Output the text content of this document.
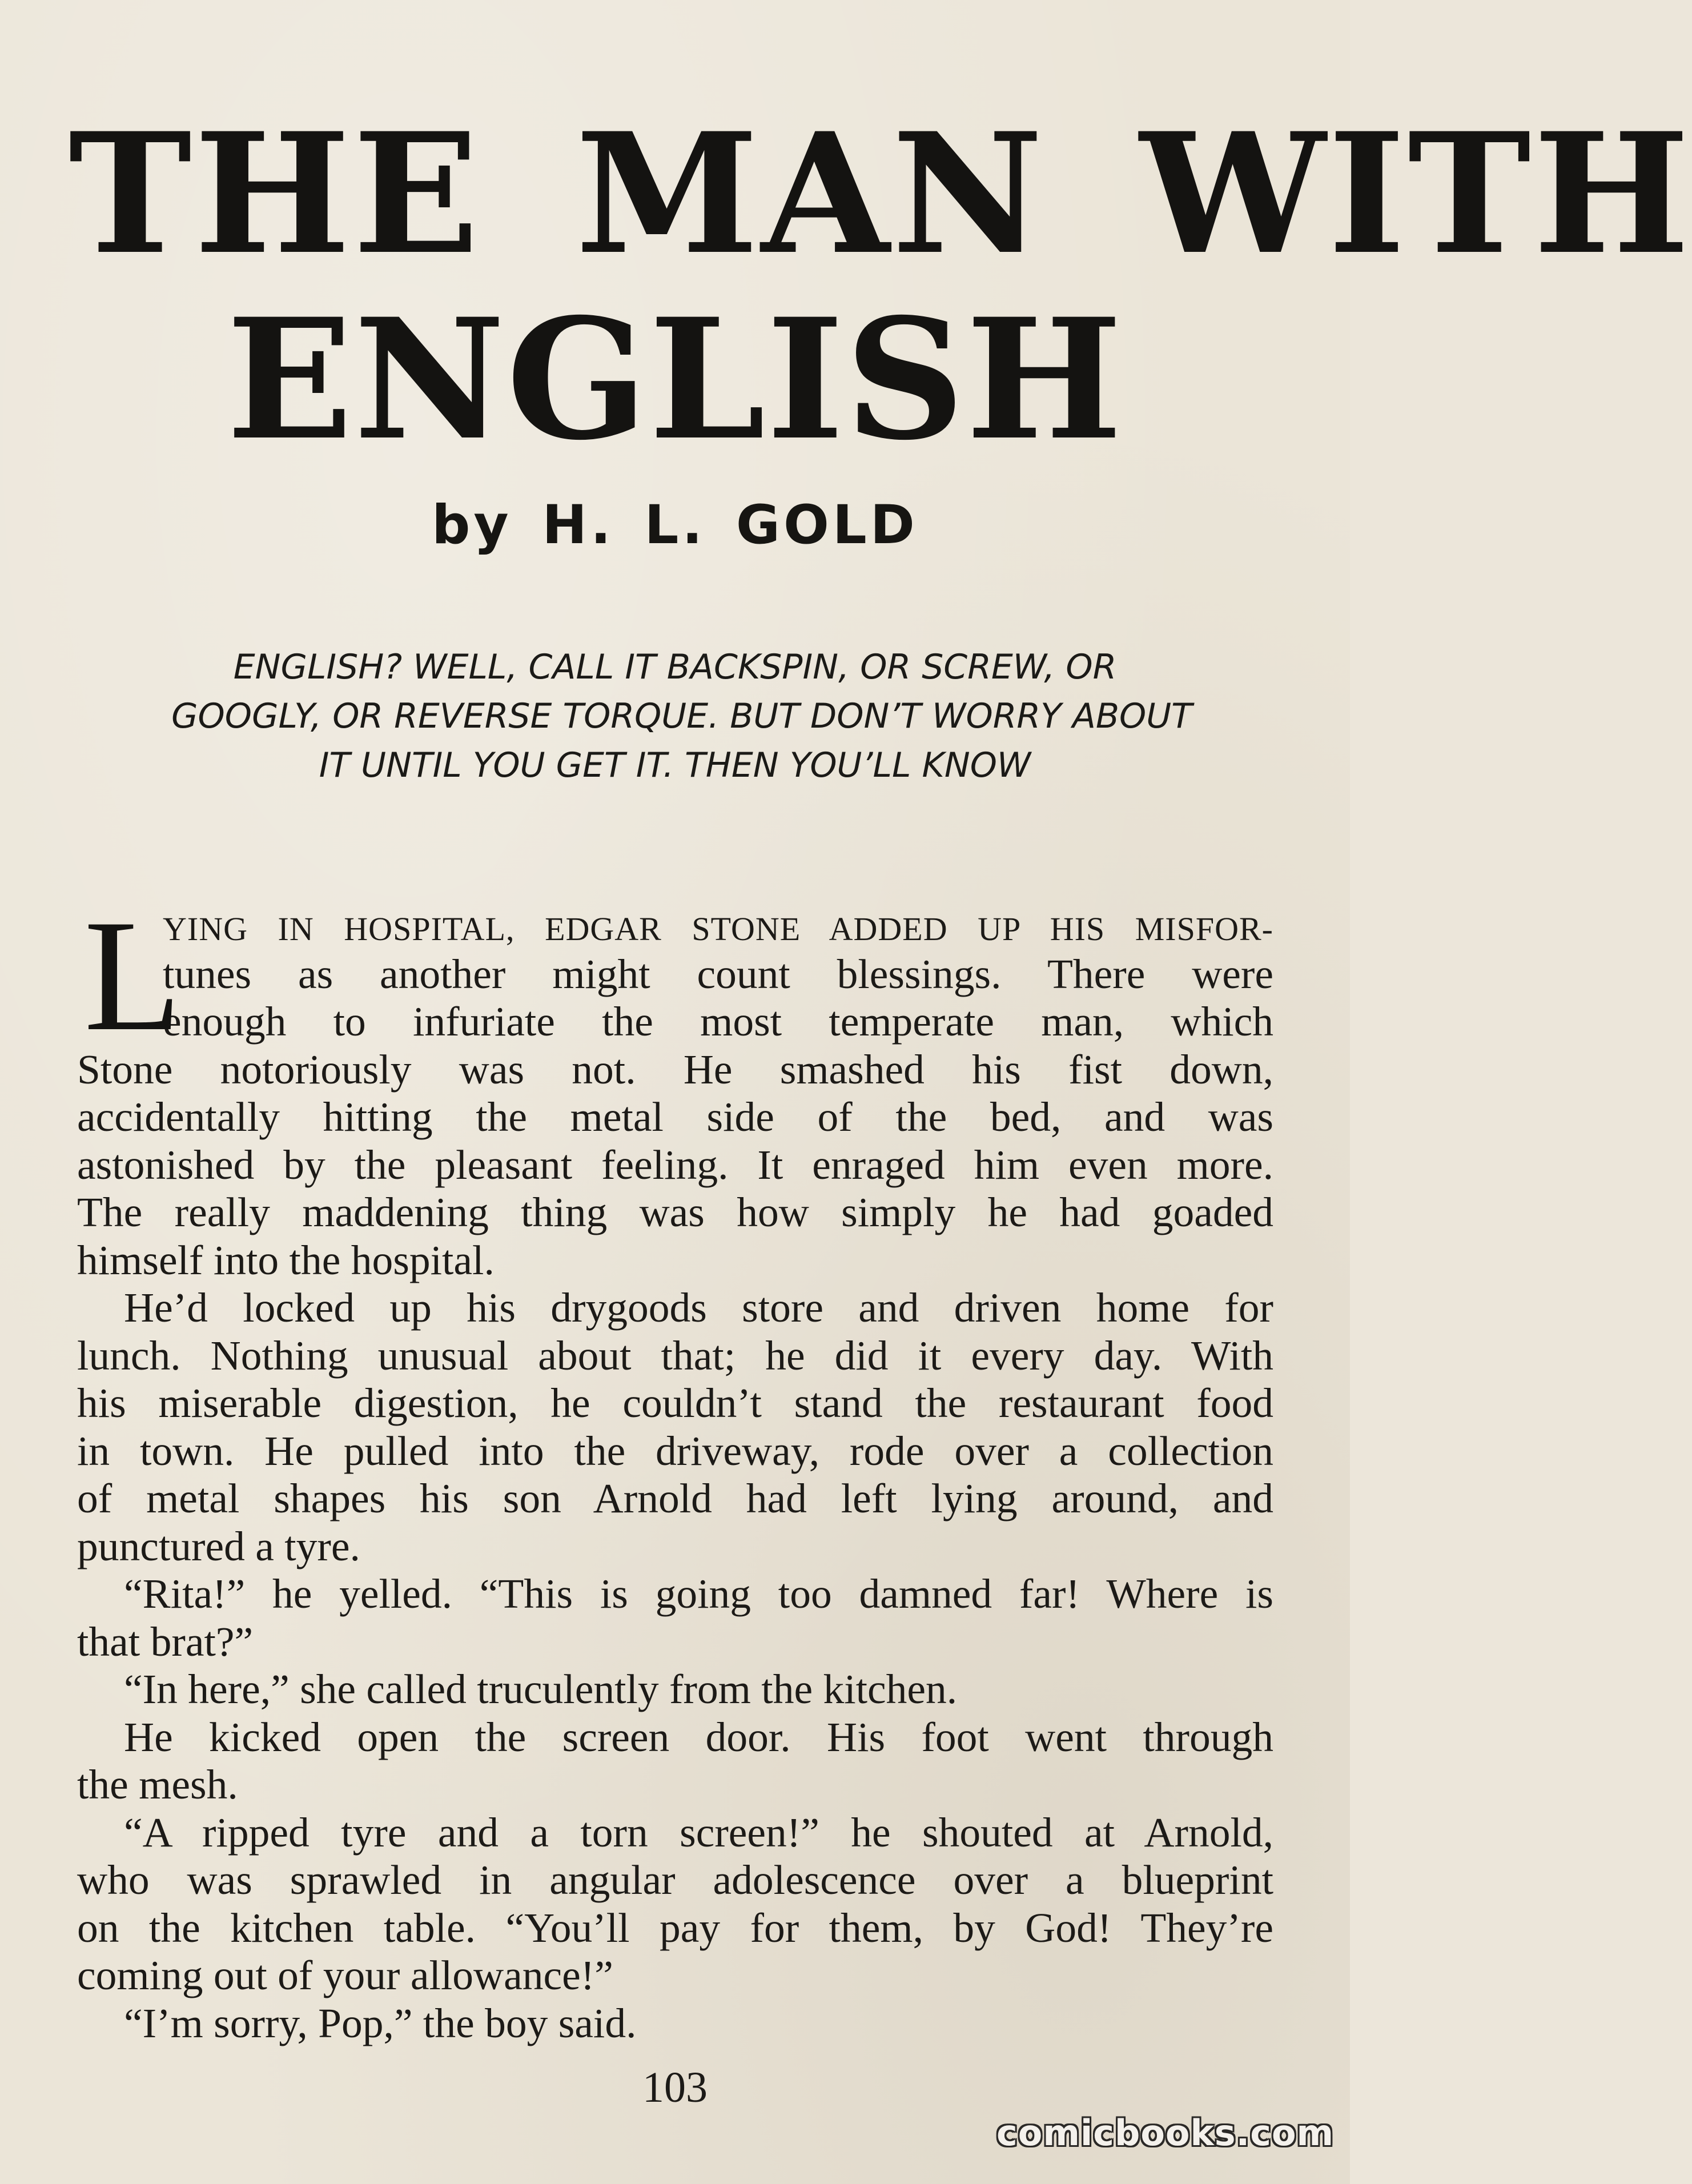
THE MAN WITH
ENGLISH
by H. L. GOLD
ENGLISH? WELL, CALL IT BACKSPIN, OR SCREW, OR
GOOGLY, OR REVERSE TORQUE. BUT DON’T WORRY ABOUT
IT UNTIL YOU GET IT. THEN YOU’LL KNOW
L
YING IN HOSPITAL, EDGAR STONE ADDED UP HIS MISFOR-
tunes as another might count blessings. There were
enough to infuriate the most temperate man, which
Stone notoriously was not. He smashed his fist down,
accidentally hitting the metal side of the bed, and was
astonished by the pleasant feeling. It enraged him even more.
The really maddening thing was how simply he had goaded
himself into the hospital.
He’d locked up his drygoods store and driven home for
lunch. Nothing unusual about that; he did it every day. With
his miserable digestion, he couldn’t stand the restaurant food
in town. He pulled into the driveway, rode over a collection
of metal shapes his son Arnold had left lying around, and
punctured a tyre.
“Rita!” he yelled. “This is going too damned far! Where is
that brat?”
“In here,” she called truculently from the kitchen.
He kicked open the screen door. His foot went through
the mesh.
“A ripped tyre and a torn screen!” he shouted at Arnold,
who was sprawled in angular adolescence over a blueprint
on the kitchen table. “You’ll pay for them, by God! They’re
coming out of your allowance!”
“I’m sorry, Pop,” the boy said.
103
comicbooks.com
